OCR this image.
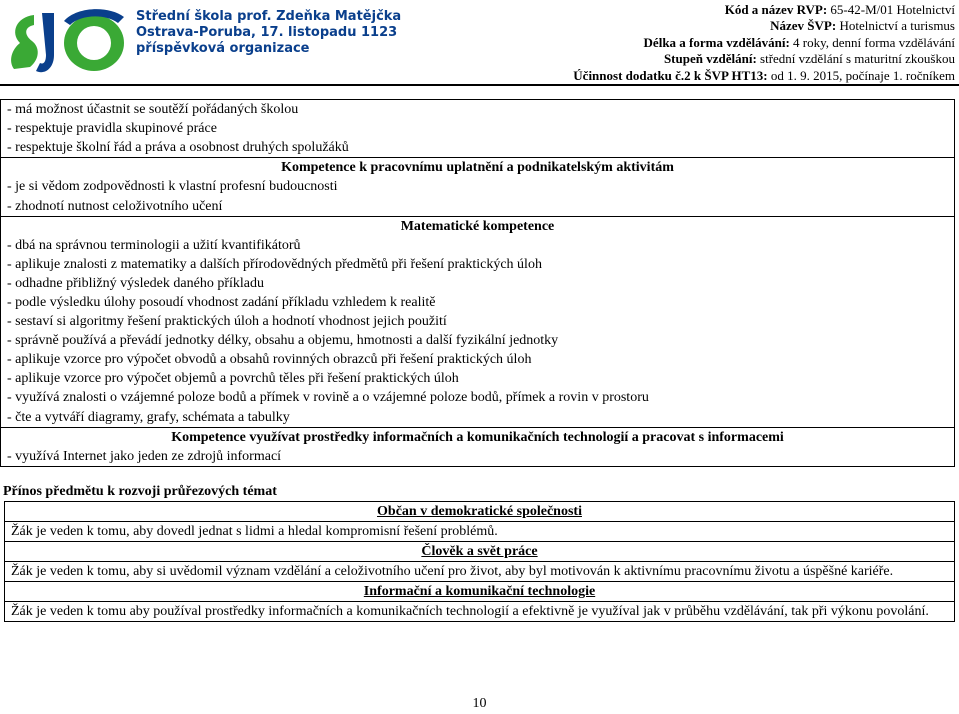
Střední škola prof. Zdeňka Matějčka
Ostrava-Poruba, 17. listopadu 1123
příspěvková organizace
Kód a název RVP: 65-42-M/01 Hotelnictví
Název ŠVP: Hotelnictví a turismus
Délka a forma vzdělávání: 4 roky, denní forma vzdělávání
Stupeň vzdělání: střední vzdělání s maturitní zkouškou
Účinnost dodatku č.2 k ŠVP HT13: od 1. 9. 2015, počínaje 1. ročníkem
- má možnost účastnit se soutěží pořádaných školou
- respektuje pravidla skupinové práce
- respektuje školní řád a práva a osobnost druhých spolužáků
Kompetence k pracovnímu uplatnění a podnikatelským aktivitám
- je si vědom zodpovědnosti k vlastní profesní budoucnosti
- zhodnotí nutnost celoživotního učení
Matematické kompetence
- dbá na správnou terminologii a užití kvantifikátorů
- aplikuje znalosti z matematiky a dalších přírodovědných předmětů při řešení praktických úloh
- odhadne přibližný výsledek daného příkladu
- podle výsledku úlohy posoudí vhodnost zadání příkladu vzhledem k realitě
- sestaví si algoritmy řešení praktických úloh a hodnotí vhodnost jejich použití
- správně používá a převádí jednotky délky, obsahu a objemu, hmotnosti a další fyzikální jednotky
- aplikuje vzorce pro výpočet obvodů a obsahů rovinných obrazců při řešení praktických úloh
- aplikuje vzorce pro výpočet objemů a povrchů těles při řešení praktických úloh
- využívá znalosti o vzájemné poloze bodů a přímek v rovině a o vzájemné poloze bodů, přímek a rovin v prostoru
- čte a vytváří diagramy, grafy, schémata a tabulky
Kompetence využívat prostředky informačních a komunikačních technologií a pracovat s informacemi
- využívá Internet jako jeden ze zdrojů informací
Přínos předmětu k rozvoji průřezových témat
Občan v demokratické společnosti
Žák je veden k tomu, aby dovedl jednat s lidmi a hledal kompromisní řešení problémů.
Člověk a svět práce
Žák je veden k tomu, aby si uvědomil význam vzdělání a celoživotního učení pro život, aby byl motivován k aktivnímu pracovnímu životu a úspěšné kariéře.
Informační a komunikační technologie
Žák je veden k tomu aby používal prostředky informačních a komunikačních technologií a efektivně je využíval jak v průběhu vzdělávání, tak při výkonu povolání.
10
